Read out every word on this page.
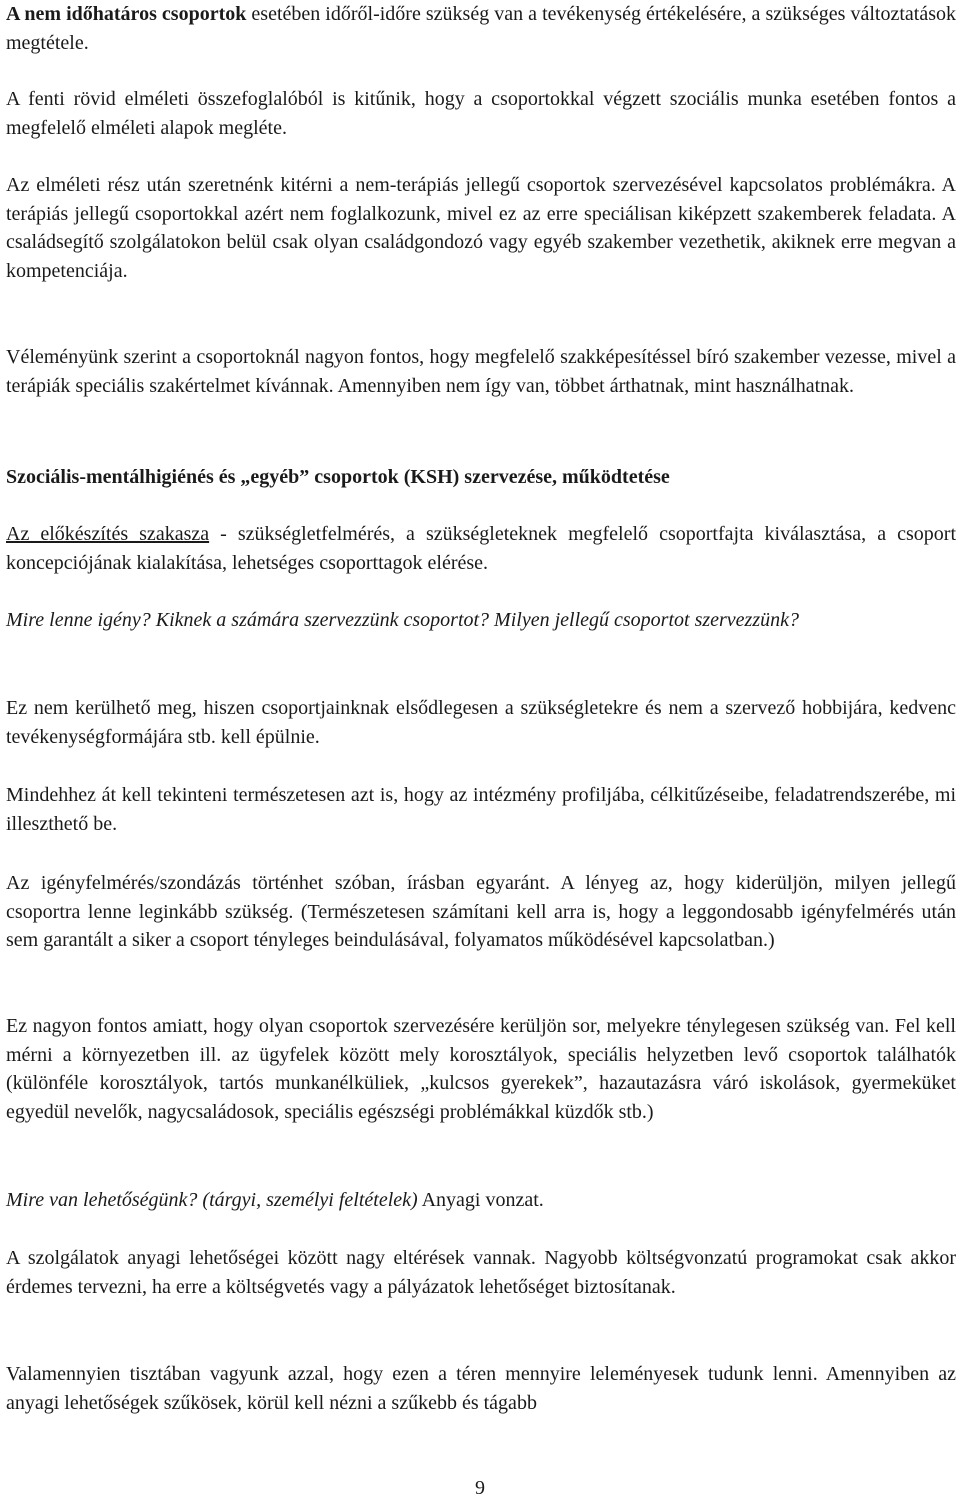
A nem időhatáros csoportok esetében időről-időre szükség van a tevékenység értékelésére, a szükséges változtatások megtétele.

A fenti rövid elméleti összefoglalóból is kitűnik, hogy a csoportokkal végzett szociális munka esetében fontos a megfelelő elméleti alapok megléte.

Az elméleti rész után szeretnénk kitérni a nem-terápiás jellegű csoportok szervezésével kapcsolatos problémákra. A terápiás jellegű csoportokkal azért nem foglalkozunk, mivel ez az erre speciálisan kiképzett szakemberek feladata. A családsegítő szolgálatokon belül csak olyan családgondozó vagy egyéb szakember vezethetik, akiknek erre megvan a kompetenciája.

Véleményünk szerint a csoportoknál nagyon fontos, hogy megfelelő szakképesítéssel bíró szakember vezesse, mivel a terápiák speciális szakértelmet kívánnak. Amennyiben nem így van, többet árthatnak, mint használhatnak.

Szociális-mentálhigiénés és „egyéb” csoportok (KSH) szervezése, működtetése

Az előkészítés szakasza - szükségletfelmérés, a szükségleteknek megfelelő csoportfajta kiválasztása, a csoport koncepciójának kialakítása, lehetséges csoporttagok elérése.

Mire lenne igény? Kiknek a számára szervezzünk csoportot? Milyen jellegű csoportot szervezzünk?

Ez nem kerülhető meg, hiszen csoportjainknak elsődlegesen a szükségletekre és nem a szervező hobbijára, kedvenc tevékenységformájára stb. kell épülnie.

Mindehhez át kell tekinteni természetesen azt is, hogy az intézmény profiljába, célkitűzéseibe, feladatrendszerébe, mi illeszthető be.

Az igényfelmérés/szondázás történhet szóban, írásban egyaránt. A lényeg az, hogy kiderüljön, milyen jellegű csoportra lenne leginkább szükség. (Természetesen számítani kell arra is, hogy a leggondosabb igényfelmérés után sem garantált a siker a csoport tényleges beindulásával, folyamatos működésével kapcsolatban.)

Ez nagyon fontos amiatt, hogy olyan csoportok szervezésére kerüljön sor, melyekre ténylegesen szükség van. Fel kell mérni a környezetben ill. az ügyfelek között mely korosztályok, speciális helyzetben levő csoportok találhatók (különféle korosztályok, tartós munkanélküliek, „kulcsos gyerekek”, hazautazásra váró iskolások, gyermeküket egyedül nevelők, nagycsaládosok, speciális egészségi problémákkal küzdők stb.)

Mire van lehetőségünk? (tárgyi, személyi feltételek) Anyagi vonzat.

A szolgálatok anyagi lehetőségei között nagy eltérések vannak. Nagyobb költségvonzatú programokat csak akkor érdemes tervezni, ha erre a költségvetés vagy a pályázatok lehetőséget biztosítanak.

Valamennyien tisztában vagyunk azzal, hogy ezen a téren mennyire leleményesek tudunk lenni. Amennyiben az anyagi lehetőségek szűkösek, körül kell nézni a szűkebb és tágabb

9
